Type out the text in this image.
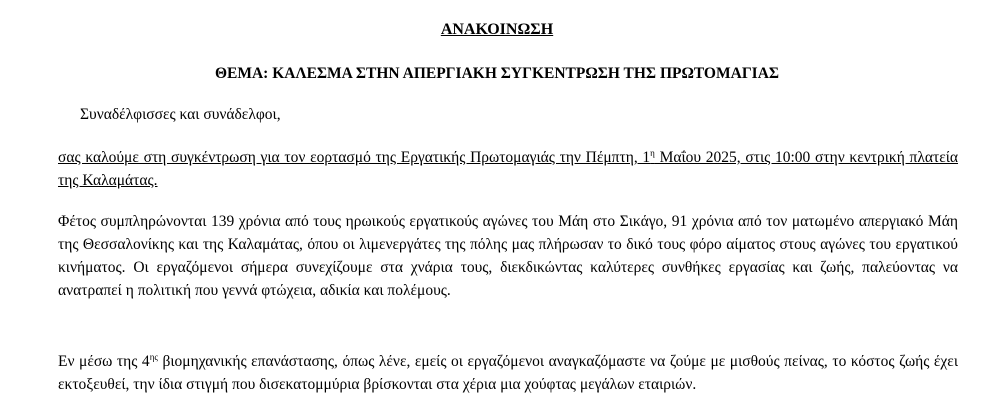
ΑΝΑΚΟΙΝΩΣΗ
ΘΕΜΑ: ΚΑΛΕΣΜΑ ΣΤΗΝ ΑΠΕΡΓΙΑΚΗ ΣΥΓΚΕΝΤΡΩΣΗ ΤΗΣ ΠΡΩΤΟΜΑΓΙΑΣ
Συναδέλφισσες και συνάδελφοι,
σας καλούμε στη συγκέντρωση για τον εορτασμό της Εργατικής Πρωτομαγιάς την Πέμπτη, $1^\eta$ Μαΐου 2025, στις 10:00 στην κεντρική πλατεία της Καλαμάτας.
Φέτος συμπληρώνονται 139 χρόνια από τους ηρωικούς εργατικούς αγώνες του Μάη στο Σικάγο, 91 χρόνια από τον ματωμένο απεργιακό Μάη της Θεσσαλονίκης και της Καλαμάτας, όπου οι λιμενεργάτες της πόλης μας πλήρωσαν το δικό τους φόρο αίματος στους αγώνες του εργατικού κινήματος. Οι εργαζόμενοι σήμερα συνεχίζουμε στα χνάρια τους, διεκδικώντας καλύτερες συνθήκες εργασίας και ζωής, παλεύοντας να ανατραπεί η πολιτική που γεννά φτώχεια, αδικία και πολέμους.
Εν μέσω της $4^{\eta\varsigma}$ βιομηχανικής επανάστασης, όπως λένε, εμείς οι εργαζόμενοι αναγκαζόμαστε να ζούμε με μισθούς πείνας, το κόστος ζωής έχει εκτοξευθεί, την ίδια στιγμή που δισεκατομμύρια βρίσκονται στα χέρια μια χούφτας μεγάλων εταιριών.
